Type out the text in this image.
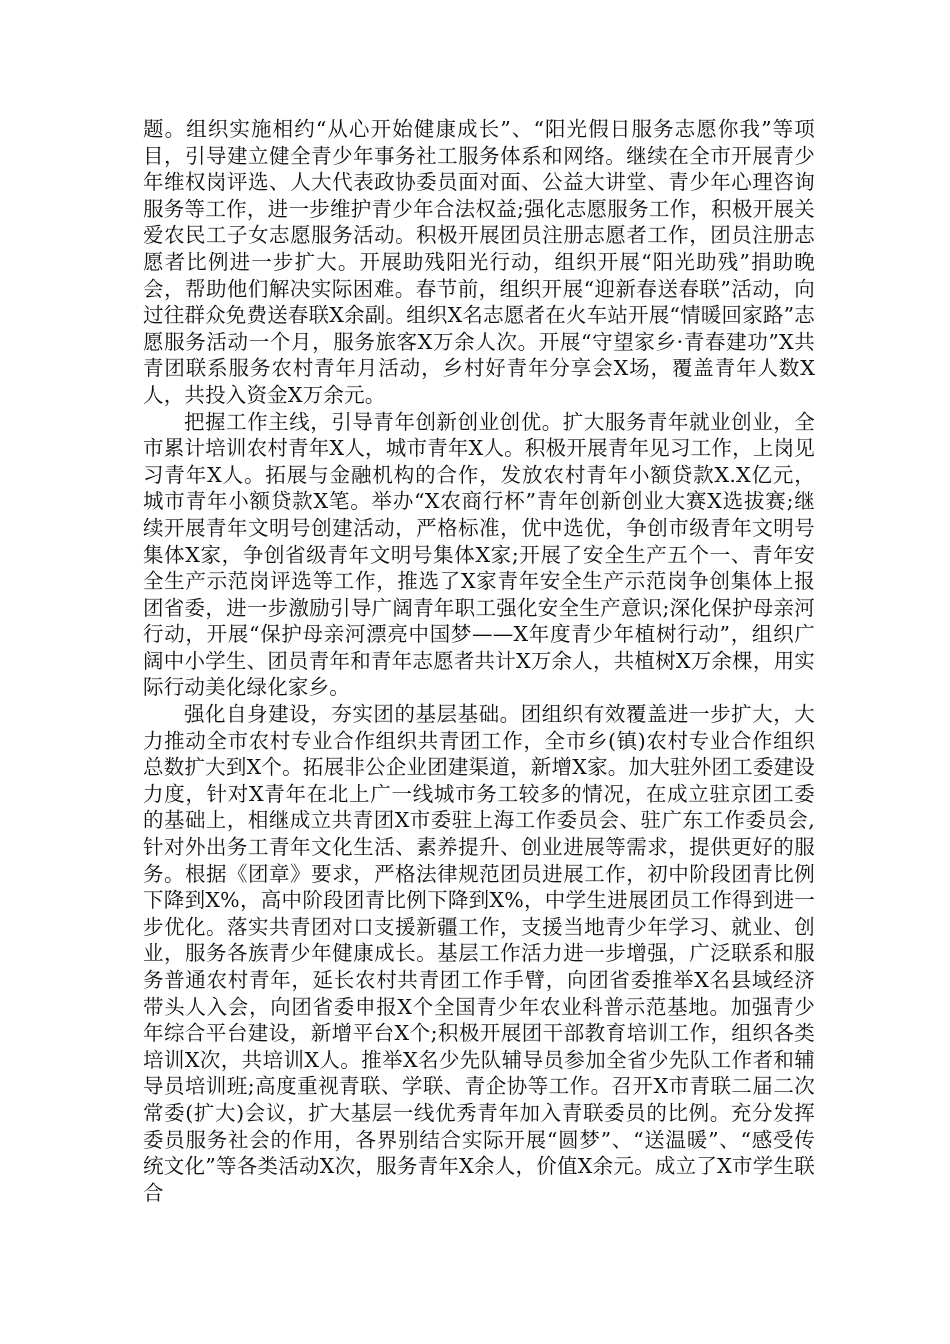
题。组织实施相约“从心开始健康成长”、“阳光假日服务志愿你我”等项目，引导建立健全青少年事务社工服务体系和网络。继续在全市开展青少年维权岗评选、人大代表政协委员面对面、公益大讲堂、青少年心理咨询服务等工作，进一步维护青少年合法权益;强化志愿服务工作，积极开展关爱农民工子女志愿服务活动。积极开展团员注册志愿者工作，团员注册志愿者比例进一步扩大。开展助残阳光行动，组织开展“阳光助残”捐助晚会，帮助他们解决实际困难。春节前，组织开展“迎新春送春联”活动，向过往群众免费送春联X余副。组织X名志愿者在火车站开展“情暖回家路”志愿服务活动一个月，服务旅客X万余人次。开展“守望家乡·青春建功”X共青团联系服务农村青年月活动，乡村好青年分享会X场，覆盖青年人数X人，共投入资金X万余元。

把握工作主线，引导青年创新创业创优。扩大服务青年就业创业，全市累计培训农村青年X人，城市青年X人。积极开展青年见习工作，上岗见习青年X人。拓展与金融机构的合作，发放农村青年小额贷款X.X亿元，城市青年小额贷款X笔。举办“X农商行杯”青年创新创业大赛X选拔赛;继续开展青年文明号创建活动，严格标准，优中选优，争创市级青年文明号集体X家，争创省级青年文明号集体X家;开展了安全生产五个一、青年安全生产示范岗评选等工作，推选了X家青年安全生产示范岗争创集体上报团省委，进一步激励引导广阔青年职工强化安全生产意识;深化保护母亲河行动，开展“保护母亲河漂亮中国梦——X年度青少年植树行动”，组织广阔中小学生、团员青年和青年志愿者共计X万余人，共植树X万余棵，用实际行动美化绿化家乡。

强化自身建设，夯实团的基层基础。团组织有效覆盖进一步扩大，大力推动全市农村专业合作组织共青团工作，全市乡(镇)农村专业合作组织总数扩大到X个。拓展非公企业团建渠道，新增X家。加大驻外团工委建设力度，针对X青年在北上广一线城市务工较多的情况，在成立驻京团工委的基础上，相继成立共青团X市委驻上海工作委员会、驻广东工作委员会,针对外出务工青年文化生活、素养提升、创业进展等需求，提供更好的服务。根据《团章》要求，严格法律规范团员进展工作，初中阶段团青比例下降到X%，高中阶段团青比例下降到X%，中学生进展团员工作得到进一步优化。落实共青团对口支援新疆工作，支援当地青少年学习、就业、创业，服务各族青少年健康成长。基层工作活力进一步增强，广泛联系和服务普通农村青年，延长农村共青团工作手臂，向团省委推举X名县域经济带头人入会，向团省委申报X个全国青少年农业科普示范基地。加强青少年综合平台建设，新增平台X个;积极开展团干部教育培训工作，组织各类培训X次，共培训X人。推举X名少先队辅导员参加全省少先队工作者和辅导员培训班;高度重视青联、学联、青企协等工作。召开X市青联二届二次常委(扩大)会议，扩大基层一线优秀青年加入青联委员的比例。充分发挥委员服务社会的作用，各界别结合实际开展“圆梦”、“送温暖”、“感受传统文化”等各类活动X次，服务青年X余人，价值X余元。成立了X市学生联合
